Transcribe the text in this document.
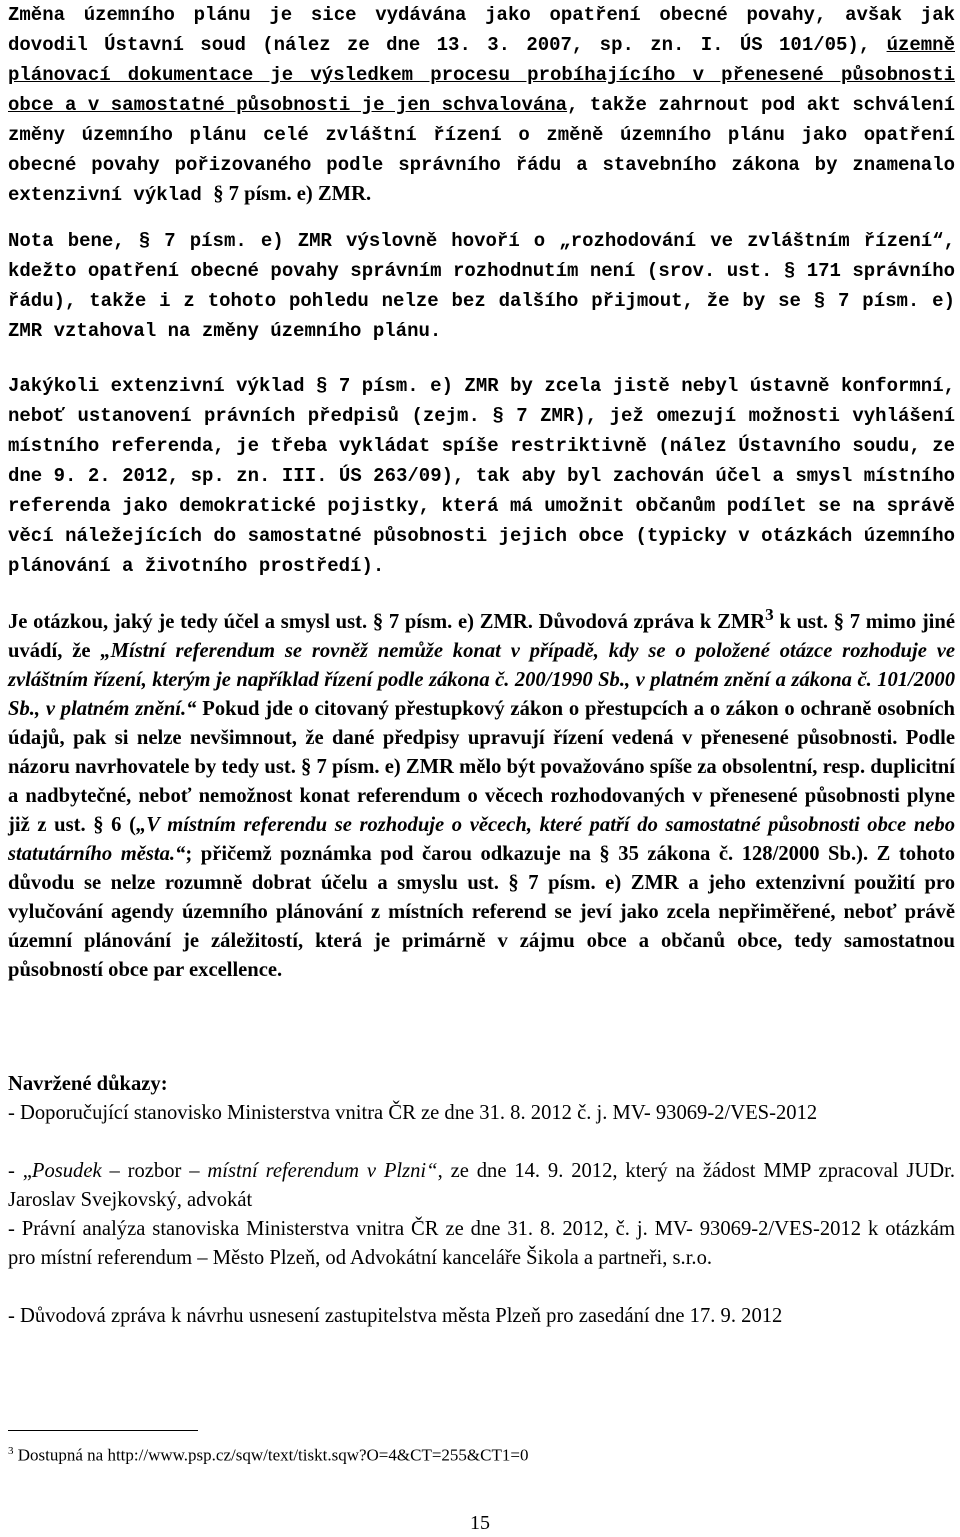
Změna územního plánu je sice vydávána jako opatření obecné povahy, avšak jak dovodil Ústavní soud (nález ze dne 13. 3. 2007, sp. zn. I. ÚS 101/05), územně plánovací dokumentace je výsledkem procesu probíhajícího v přenesené působnosti obce a v samostatné působnosti je jen schvalována, takže zahrnout pod akt schválení změny územního plánu celé zvláštní řízení o změně územního plánu jako opatření obecné povahy pořizovaného podle správního řádu a stavebního zákona by znamenalo extenzivní výklad § 7 písm. e) ZMR.
Nota bene, § 7 písm. e) ZMR výslovně hovoří o „rozhodování ve zvláštním řízení“, kdežto opatření obecné povahy správním rozhodnutím není (srov. ust. § 171 správního řádu), takže i z tohoto pohledu nelze bez dalšího přijmout, že by se § 7 písm. e) ZMR vztahoval na změny územního plánu.
Jakýkoli extenzivní výklad § 7 písm. e) ZMR by zcela jistě nebyl ústavně konformní, neboť ustanovení právních předpisů (zejm. § 7 ZMR), jež omezují možnosti vyhlášení místního referenda, je třeba vykládat spíše restriktivně (nález Ústavního soudu, ze dne 9. 2. 2012, sp. zn. III. ÚS 263/09), tak aby byl zachován účel a smysl místního referenda jako demokratické pojistky, která má umožnit občanům podílet se na správě věcí náležejících do samostatné působnosti jejich obce (typicky v otázkách územního plánování a životního prostředí).
Je otázkou, jaký je tedy účel a smysl ust. § 7 písm. e) ZMR. Důvodová zpráva k ZMR$^3$ k ust. § 7 mimo jiné uvádí, že „Místní referendum se rovněž nemůže konat v případě, kdy se o položené otázce rozhoduje ve zvláštním řízení, kterým je například řízení podle zákona č. 200/1990 Sb., v platném znění a zákona č. 101/2000 Sb., v platném znění.“ Pokud jde o citovaný přestupkový zákon o přestupcích a o zákon o ochraně osobních údajů, pak si nelze nevšimnout, že dané předpisy upravují řízení vedená v přenesené působnosti. Podle názoru navrhovatele by tedy ust. § 7 písm. e) ZMR mělo být považováno spíše za obsolentní, resp. duplicitní a nadbytečné, neboť nemožnost konat referendum o věcech rozhodovaných v přenesené působnosti plyne již z ust. § 6 („V místním referendu se rozhoduje o věcech, které patří do samostatné působnosti obce nebo statutárního města.“; přičemž poznámka pod čarou odkazuje na § 35 zákona č. 128/2000 Sb.). Z tohoto důvodu se nelze rozumně dobrat účelu a smyslu ust. § 7 písm. e) ZMR a jeho extenzivní použití pro vylučování agendy územního plánování z místních referend se jeví jako zcela nepřiměřené, neboť právě územní plánování je záležitostí, která je primárně v zájmu obce a občanů obce, tedy samostatnou působností obce par excellence.
Navržené důkazy:
- Doporučující stanovisko Ministerstva vnitra ČR ze dne 31. 8. 2012 č. j. MV- 93069-2/VES-2012
- „Posudek – rozbor – místní referendum v Plzni“, ze dne 14. 9. 2012, který na žádost MMP zpracoval JUDr. Jaroslav Svejkovský, advokát
- Právní analýza stanoviska Ministerstva vnitra ČR ze dne 31. 8. 2012, č. j. MV- 93069-2/VES-2012 k otázkám pro místní referendum – Město Plzeň, od Advokátní kanceláře Šikola a partneři, s.r.o.
- Důvodová zpráva k návrhu usnesení zastupitelstva města Plzeň pro zasedání dne 17. 9. 2012
$^3$ Dostupná na http://www.psp.cz/sqw/text/tiskt.sqw?O=4&CT=255&CT1=0
15
